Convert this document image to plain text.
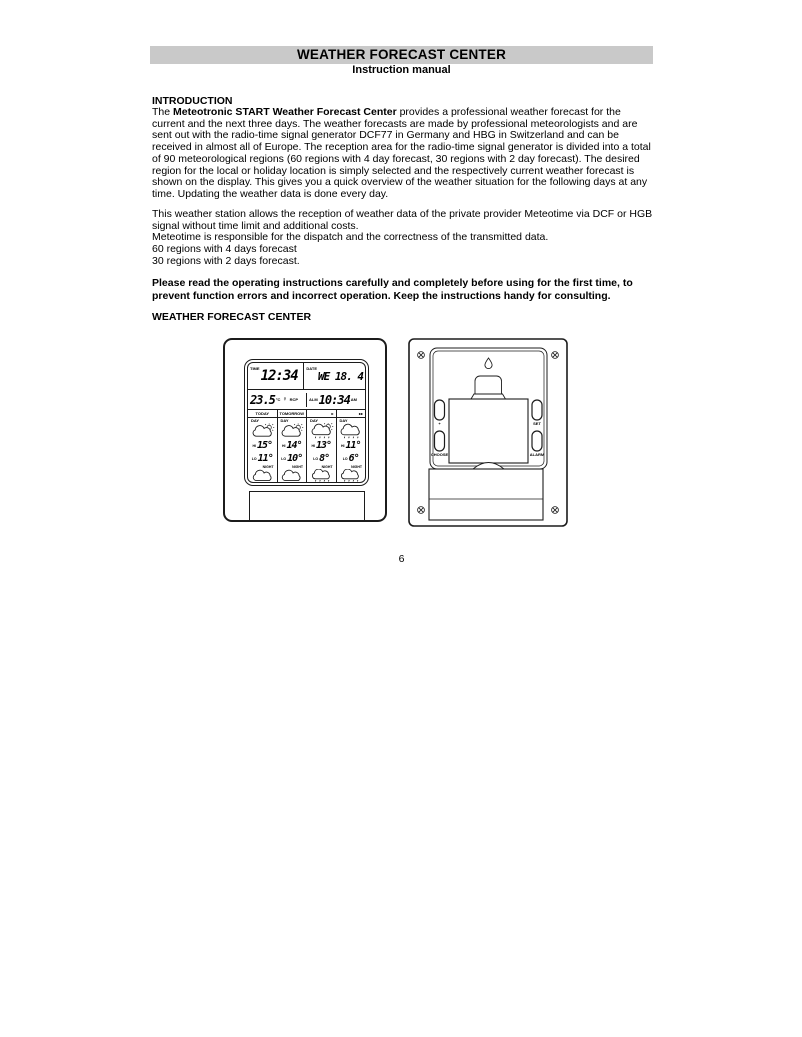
WEATHER FORECAST CENTER
Instruction manual
INTRODUCTION

The Meteotronic START Weather Forecast Center provides a professional weather forecast for the current and the next three days. The weather forecasts are made by professional meteorologists and are sent out with the radio-time signal generator DCF77 in Germany and HBG in Switzerland and can be received in almost all of Europe. The reception area for the radio-time signal generator is divided into a total of 90 meteorological regions (60 regions with 4 day forecast, 30 regions with 2 day forecast). The desired region for the local or holiday location is simply selected and the respectively current weather forecast is shown on the display. This gives you a quick overview of the weather situation for the following days at any time. Updating the weather data is done every day.

This weather station allows the reception of weather data of the private provider Meteotime via DCF or HGB signal without time limit and additional costs.
Meteotime is responsible for the dispatch and the correctness of the transmitted data.
60 regions with 4 days forecast
30 regions with 2 days forecast.

Please read the operating instructions carefully and completely before using for the first time, to prevent function errors and incorrect operation. Keep the instructions handy for consulting.

WEATHER FORECAST CENTER
TIME 12:34 DATE
WE 18. 4
23.5 °C ♀ RCP	ALM 10:34 AM
TODAY
DAY
HI 15°
LO 11°
NIGHT
TOMORROW
DAY
HI 14°
LO 10°
NIGHT
▸
DAY
HI 13°
LO 8°
NIGHT
▸▸
DAY
HI 11°
LO 6°
NIGHT
+
CHOOSE
SET
ALARM
6
